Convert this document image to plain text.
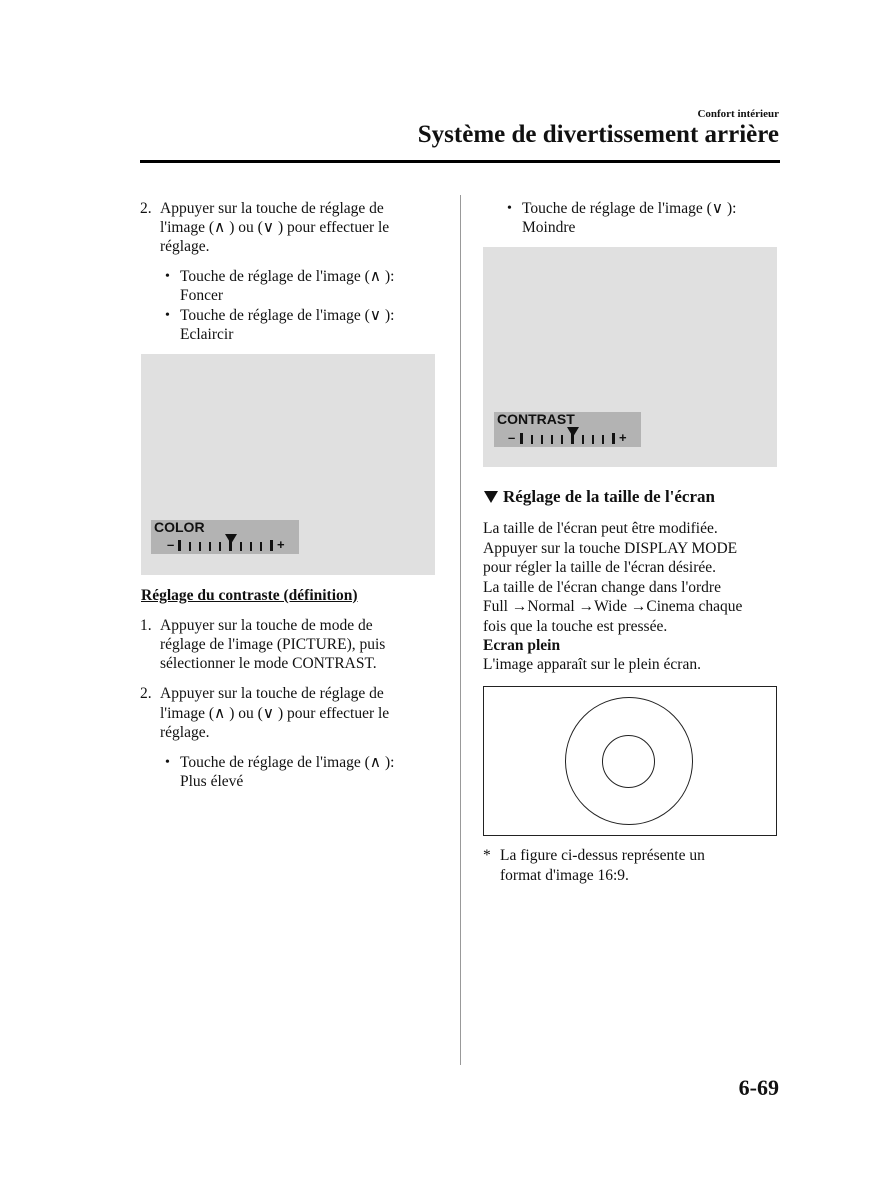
Confort intérieur
Système de divertissement arrière
2. Appuyer sur la touche de réglage de
l'image (∧ ) ou (∨ ) pour effectuer le
réglage.
• Touche de réglage de l'image (∧ ):
Foncer
• Touche de réglage de l'image (∨ ):
Eclaircir
COLOR
–	+
Réglage du contraste (définition)
1. Appuyer sur la touche de mode de
réglage de l'image (PICTURE), puis
sélectionner le mode CONTRAST.
2. Appuyer sur la touche de réglage de
l'image (∧ ) ou (∨ ) pour effectuer le
réglage.
• Touche de réglage de l'image (∧ ):
Plus élevé
• Touche de réglage de l'image (∨ ):
Moindre
CONTRAST
–	+
Réglage de la taille de l'écran
La taille de l'écran peut être modifiée.
Appuyer sur la touche DISPLAY MODE
pour régler la taille de l'écran désirée.
La taille de l'écran change dans l'ordre
Full →Normal →Wide →Cinema chaque
fois que la touche est pressée.
Ecran plein
L'image apparaît sur le plein écran.
* La figure ci-dessus représente un
format d'image 16:9.
6-69
